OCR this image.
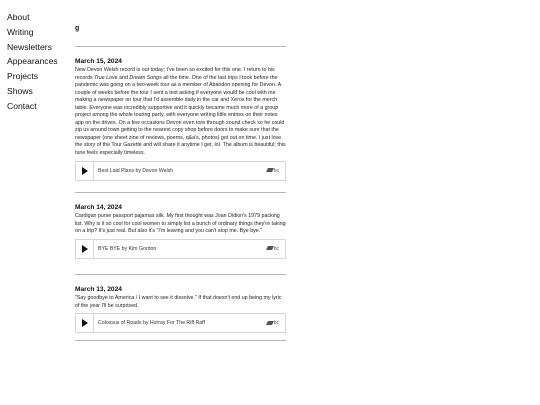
About
Writing
Newsletters
Appearances
Projects
Shows
Contact
g
March 15, 2024

New Devon Welsh record is out today; I've been so excited for this one. I return to his records True Love and Dream Songs all the time. One of the last trips I took before the pandemic was going on a two-week tour as a member of Abandon opening for Devon. A couple of weeks before the tour I sent a text asking if everyone would be cool with me making a newspaper on tour that I'd assemble daily in the car and Xerox for the merch table. Everyone was incredibly supportive and it quickly became much more of a group project among the whole touring party, with everyone writing little entries on their notes app on the drives. On a few occasions Devon even tore through sound check so he could zip us around town getting to the nearest copy shop before doors to make sure that the newspaper (one sheet zine of reviews, poems, q&a's, photos) got out on time. I just love the story of the Tour Gazette and will share it anytime I get, lol. The album is beautiful; this tune feels especially timeless.

Best Laid Plans by Devon Welsh	bc
March 14, 2024

Cardigan purse passport pajamas silk. My first thought was Joan Didion's 1979 packing list. Why is it so cool for cool women to simply list a bunch of ordinary things they're taking on a trip? It's just real. But also it's "I'm leaving and you can't stop me. Bye bye."

BYE BYE by Kim Gordon	bc
March 13, 2024

"Say goodbye to America / I want to see it dissolve." If that doesn't end up being my lyric of the year I'll be surprised.

Colossus of Roads by Hurray For The Riff Raff	bc
